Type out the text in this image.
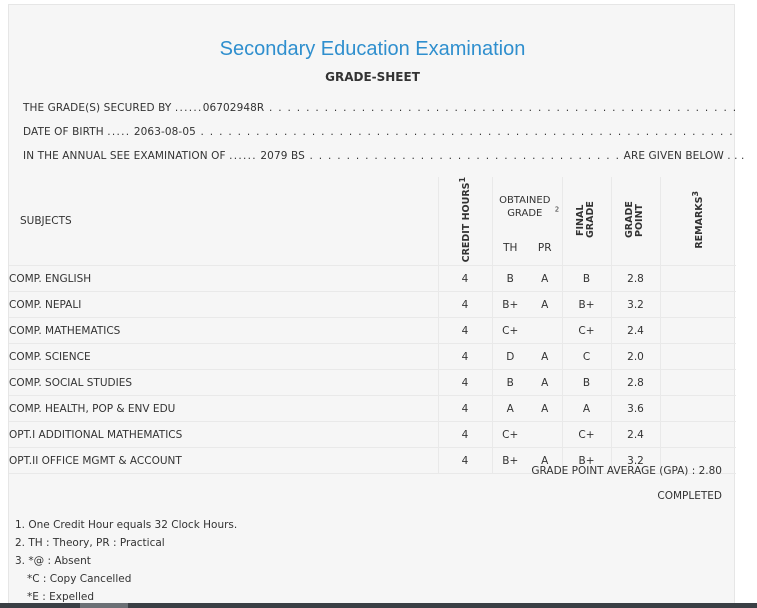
Secondary Education Examination
GRADE-SHEET
THE GRADE(S) SECURED BY ......06702948R . . . . . . . . . . . . . . . . . . . . . . . . . . . . . . . . . . . . . . . . . . . . . . . . . . .
DATE OF BIRTH ..... 2063-08-05 . . . . . . . . . . . . . . . . . . . . . . . . . . . . . . . . . . . . . . . . . . . . . . . . . . . . . . . . . .
IN THE ANNUAL SEE EXAMINATION OF ...... 2079 BS . . . . . . . . . . . . . . . . . . . . . . . . . . . . . . . . . . ARE GIVEN BELOW . . .
SUBJECTS	CREDIT HOURS$^1$	OBTAINED GRADE $^2$		FINAL GRADE	GRADE POINT	REMARKS$^3$
		TH	PR			
COMP. ENGLISH	4	B	A	B	2.8	
COMP. NEPALI	4	B+	A	B+	3.2	
COMP. MATHEMATICS	4	C+		C+	2.4	
COMP. SCIENCE	4	D	A	C	2.0	
COMP. SOCIAL STUDIES	4	B	A	B	2.8	
COMP. HEALTH, POP & ENV EDU	4	A	A	A	3.6	
OPT.I ADDITIONAL MATHEMATICS	4	C+		C+	2.4	
OPT.II OFFICE MGMT & ACCOUNT	4	B+	A	B+	3.2	
GRADE POINT AVERAGE (GPA) : 2.80
COMPLETED
1. One Credit Hour equals 32 Clock Hours.
2. TH : Theory, PR : Practical
3. *@ : Absent
*C : Copy Cancelled
*E : Expelled
